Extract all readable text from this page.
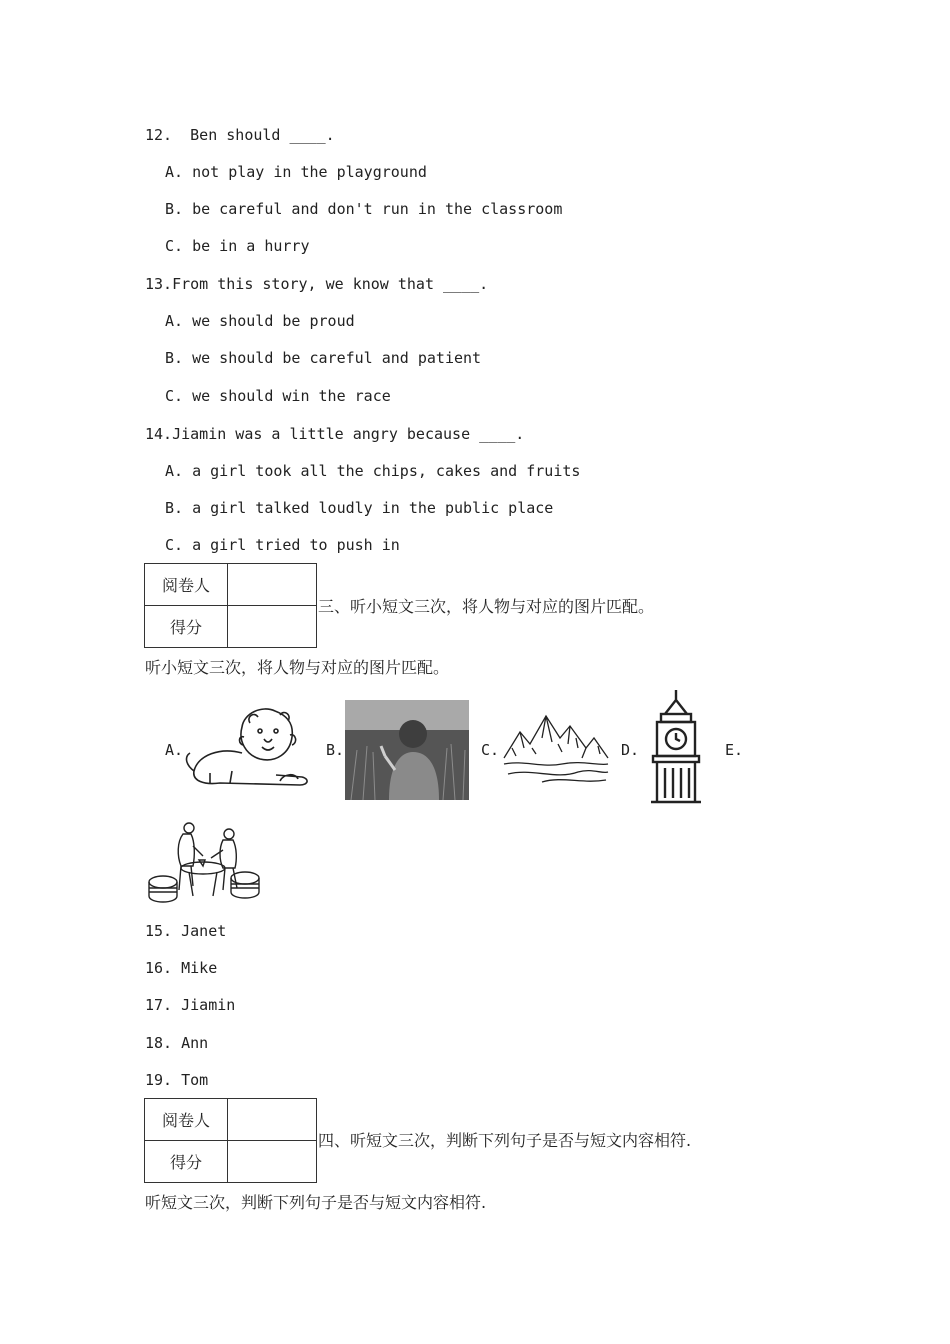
12. Ben should ____.
A. not play in the playground
B. be careful and don't run in the classroom
C. be in a hurry
13.From this story, we know that ____.
A. we should be proud
B. we should be careful and patient
C. we should win the race
14.Jiamin was a little angry because ____.
A. a girl took all the chips, cakes and fruits
B. a girl talked loudly in the public place
C. a girl tried to push in
阅卷人	
得分	
三、听小短文三次，将人物与对应的图片匹配。
听小短文三次，将人物与对应的图片匹配。
A.	B.	C.	D.	E.
15. Janet
16. Mike
17. Jiamin
18. Ann
19. Tom
阅卷人	
得分	
四、听短文三次，判断下列句子是否与短文内容相符.
听短文三次，判断下列句子是否与短文内容相符.
